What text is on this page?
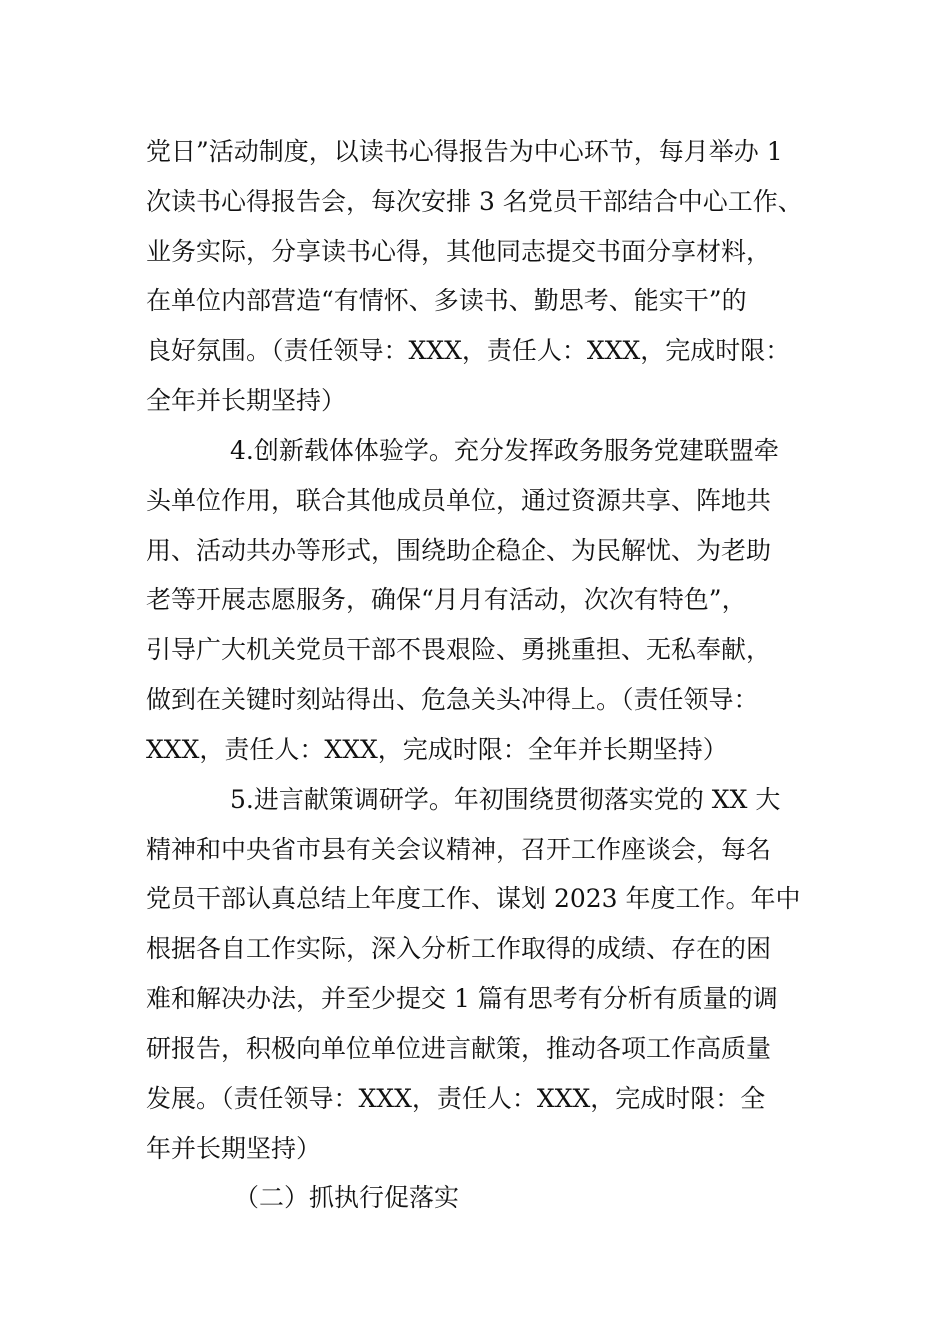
党日”活动制度，以读书心得报告为中心环节，每月举办 1
次读书心得报告会，每次安排 3 名党员干部结合中心工作、
业务实际，分享读书心得，其他同志提交书面分享材料，
在单位内部营造“有情怀、多读书、勤思考、能实干”的
良好氛围。（责任领导：XXX，责任人：XXX，完成时限：
全年并长期坚持）
4.创新载体体验学。充分发挥政务服务党建联盟牵
头单位作用，联合其他成员单位，通过资源共享、阵地共
用、活动共办等形式，围绕助企稳企、为民解忧、为老助
老等开展志愿服务，确保“月月有活动，次次有特色”，
引导广大机关党员干部不畏艰险、勇挑重担、无私奉献，
做到在关键时刻站得出、危急关头冲得上。（责任领导：
XXX，责任人：XXX，完成时限：全年并长期坚持）
5.进言献策调研学。年初围绕贯彻落实党的 XX 大
精神和中央省市县有关会议精神，召开工作座谈会，每名
党员干部认真总结上年度工作、谋划 2023 年度工作。年中
根据各自工作实际，深入分析工作取得的成绩、存在的困
难和解决办法，并至少提交 1 篇有思考有分析有质量的调
研报告，积极向单位单位进言献策，推动各项工作高质量
发展。（责任领导：XXX，责任人：XXX，完成时限：全
年并长期坚持）
（二）抓执行促落实
